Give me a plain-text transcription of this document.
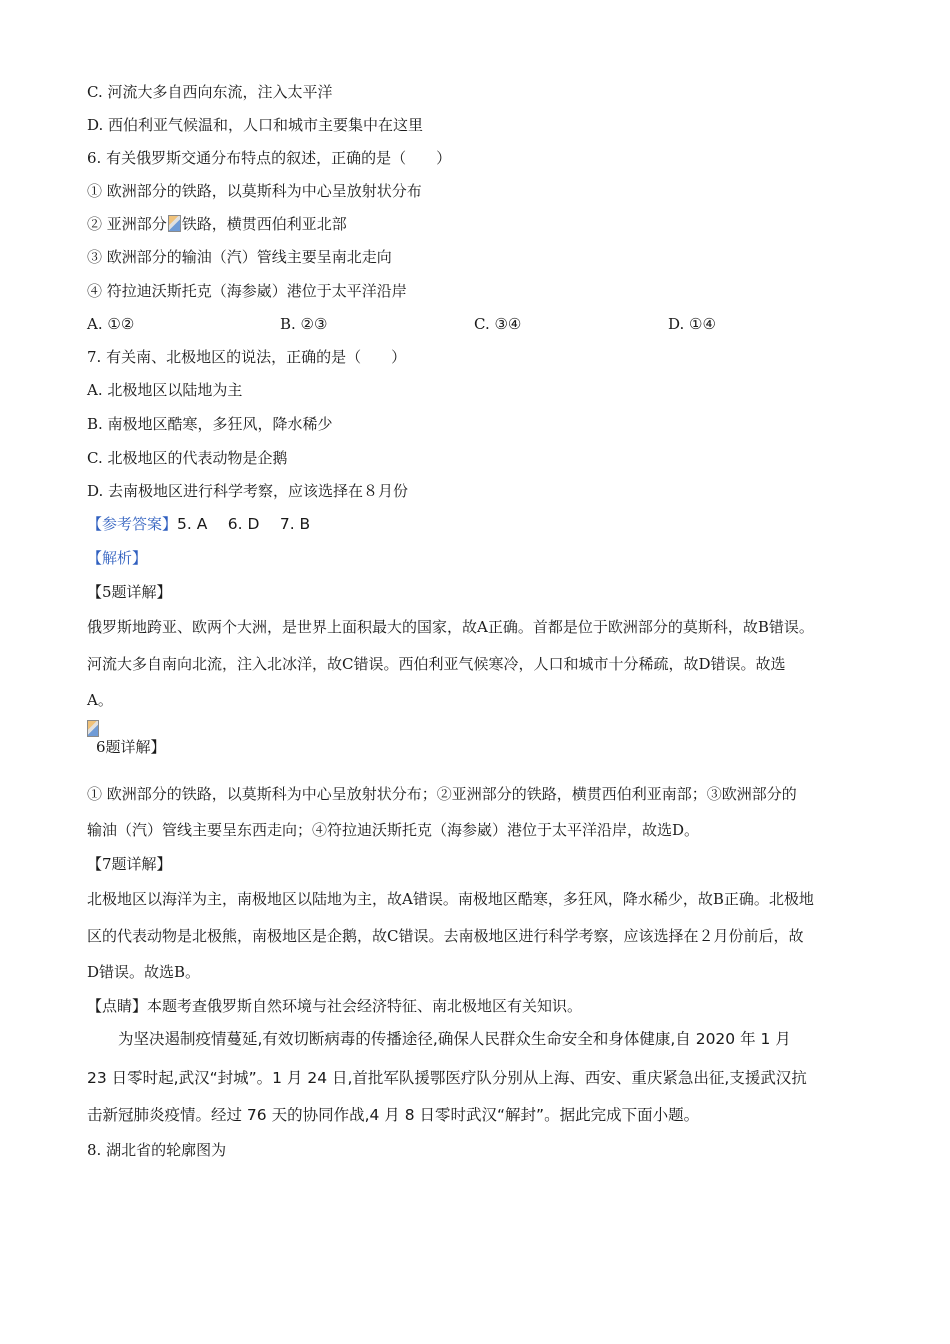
C. 河流大多自西向东流，注入太平洋
D. 西伯利亚气候温和，人口和城市主要集中在这里
6. 有关俄罗斯交通分布特点的叙述，正确的是（　　）
① 欧洲部分的铁路，以莫斯科为中心呈放射状分布
② 亚洲部分 铁路，横贯西伯利亚北部
③ 欧洲部分的输油（汽）管线主要呈南北走向
④ 符拉迪沃斯托克（海参崴）港位于太平洋沿岸
A. ①②	B. ②③	C. ③④	D. ①④
7. 有关南、北极地区的说法，正确的是（　　）
A. 北极地区以陆地为主
B. 南极地区酷寒，多狂风，降水稀少
C. 北极地区的代表动物是企鹅
D. 去南极地区进行科学考察，应该选择在８月份
【参考答案】5. A　 6. D　 7. B
【解析】
【5题详解】
俄罗斯地跨亚、欧两个大洲，是世界上面积最大的国家，故A正确。首都是位于欧洲部分的莫斯科，故B错误。
河流大多自南向北流，注入北冰洋，故C错误。西伯利亚气候寒冷，人口和城市十分稀疏，故D错误。故选
A。
6题详解】
① 欧洲部分的铁路，以莫斯科为中心呈放射状分布；②亚洲部分的铁路，横贯西伯利亚南部；③欧洲部分的
输油（汽）管线主要呈东西走向；④符拉迪沃斯托克（海参崴）港位于太平洋沿岸，故选D。
【7题详解】
北极地区以海洋为主，南极地区以陆地为主，故A错误。南极地区酷寒，多狂风，降水稀少，故B正确。北极地
区的代表动物是北极熊，南极地区是企鹅，故C错误。去南极地区进行科学考察，应该选择在２月份前后，故
D错误。故选B。
【点睛】本题考查俄罗斯自然环境与社会经济特征、南北极地区有关知识。
为坚决遏制疫情蔓延,有效切断病毒的传播途径,确保人民群众生命安全和身体健康,自 2020 年 1 月
23 日零时起,武汉“封城”。1 月 24 日,首批军队援鄂医疗队分别从上海、西安、重庆紧急出征,支援武汉抗
击新冠肺炎疫情。经过 76 天的协同作战,4 月 8 日零时武汉“解封”。据此完成下面小题。
8. 湖北省的轮廓图为
